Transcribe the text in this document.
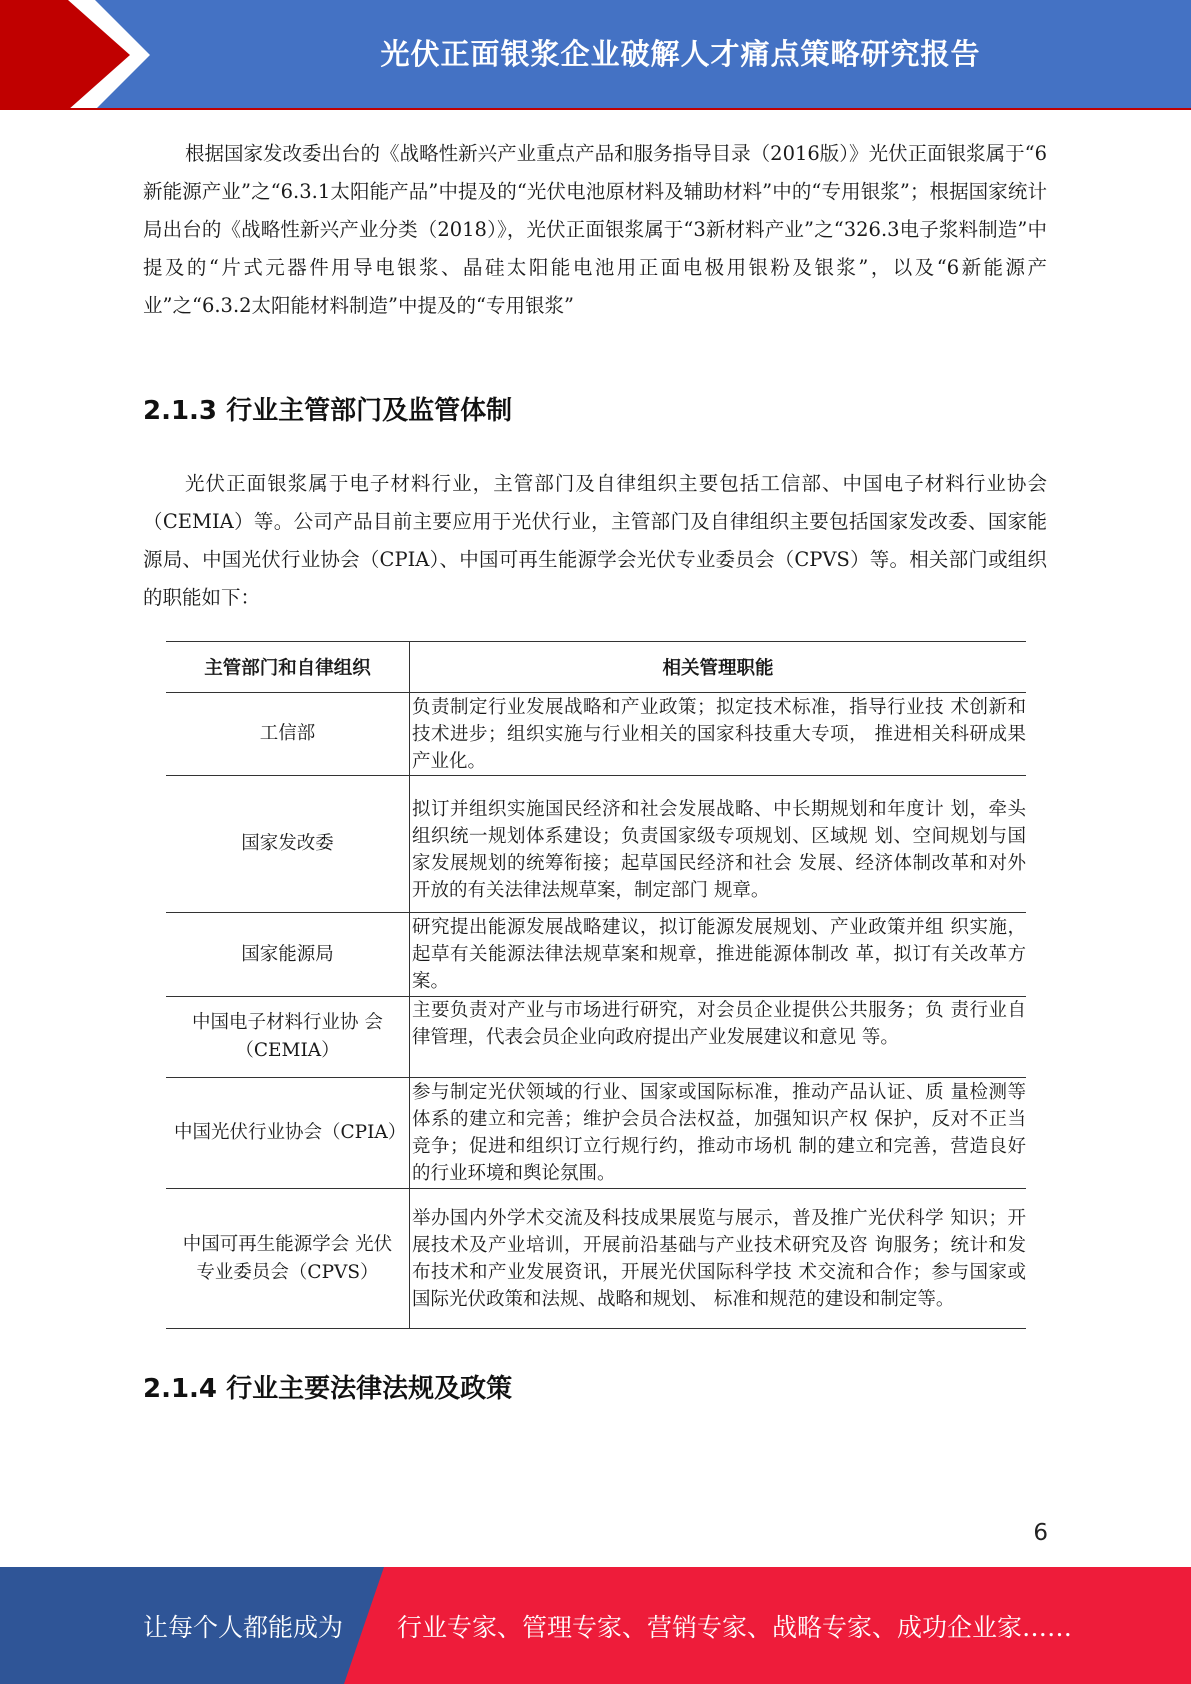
光伏正面银浆企业破解人才痛点策略研究报告

根据国家发改委出台的《战略性新兴产业重点产品和服务指导目录（2016版）》光伏正面银浆属于“6新能源产业”之“6.3.1太阳能产品”中提及的“光伏电池原材料及辅助材料”中的“专用银浆”；根据国家统计局出台的《战略性新兴产业分类（2018）》，光伏正面银浆属于“3新材料产业”之“326.3电子浆料制造”中提及的“片式元器件用导电银浆、晶硅太阳能电池用正面电极用银粉及银浆”，以及“6新能源产业”之“6.3.2太阳能材料制造”中提及的“专用银浆”

2.1.3 行业主管部门及监管体制

光伏正面银浆属于电子材料行业，主管部门及自律组织主要包括工信部、中国电子材料行业协会（CEMIA）等。公司产品目前主要应用于光伏行业，主管部门及自律组织主要包括国家发改委、国家能源局、中国光伏行业协会（CPIA）、中国可再生能源学会光伏专业委员会（CPVS）等。相关部门或组织的职能如下：

主管部门和自律组织	相关管理职能
工信部	负责制定行业发展战略和产业政策；拟定技术标准，指导行业技 术创新和技术进步；组织实施与行业相关的国家科技重大专项， 推进相关科研成果产业化。
国家发改委	拟订并组织实施国民经济和社会发展战略、中长期规划和年度计 划，牵头组织统一规划体系建设；负责国家级专项规划、区域规 划、空间规划与国家发展规划的统筹衔接；起草国民经济和社会 发展、经济体制改革和对外开放的有关法律法规草案，制定部门 规章。
国家能源局	研究提出能源发展战略建议，拟订能源发展规划、产业政策并组 织实施，起草有关能源法律法规草案和规章，推进能源体制改 革，拟订有关改革方案。
中国电子材料行业协 会（CEMIA）	主要负责对产业与市场进行研究，对会员企业提供公共服务；负 责行业自律管理，代表会员企业向政府提出产业发展建议和意见 等。
中国光伏行业协会（CPIA）	参与制定光伏领域的行业、国家或国际标准，推动产品认证、质 量检测等体系的建立和完善；维护会员合法权益，加强知识产权 保护，反对不正当竞争；促进和组织订立行规行约，推动市场机 制的建立和完善，营造良好的行业环境和舆论氛围。
中国可再生能源学会 光伏专业委员会（CPVS）	举办国内外学术交流及科技成果展览与展示，普及推广光伏科学 知识；开展技术及产业培训，开展前沿基础与产业技术研究及咨 询服务；统计和发布技术和产业发展资讯，开展光伏国际科学技 术交流和合作；参与国家或国际光伏政策和法规、战略和规划、 标准和规范的建设和制定等。
2.1.4 行业主要法律法规及政策
6
让每个人都能成为 行业专家、管理专家、营销专家、战略专家、成功企业家……
